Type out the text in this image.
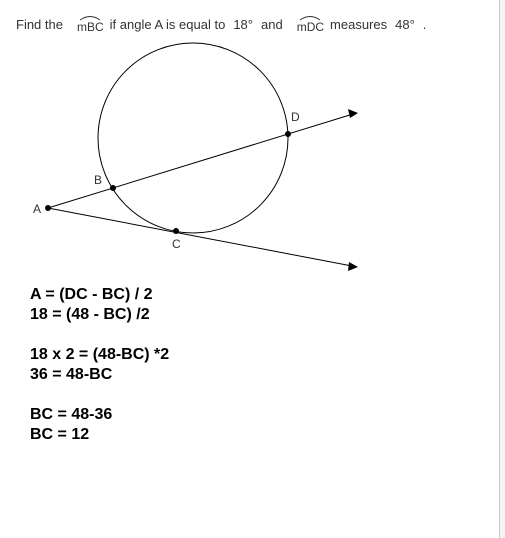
Find the mBC if angle A is equal to 18° and mDC measures 48° .
A
B
C
D
A = (DC - BC) / 2
18 = (48 - BC) /2
18 x 2 = (48-BC) *2
36 = 48-BC
BC = 48-36
BC = 12
